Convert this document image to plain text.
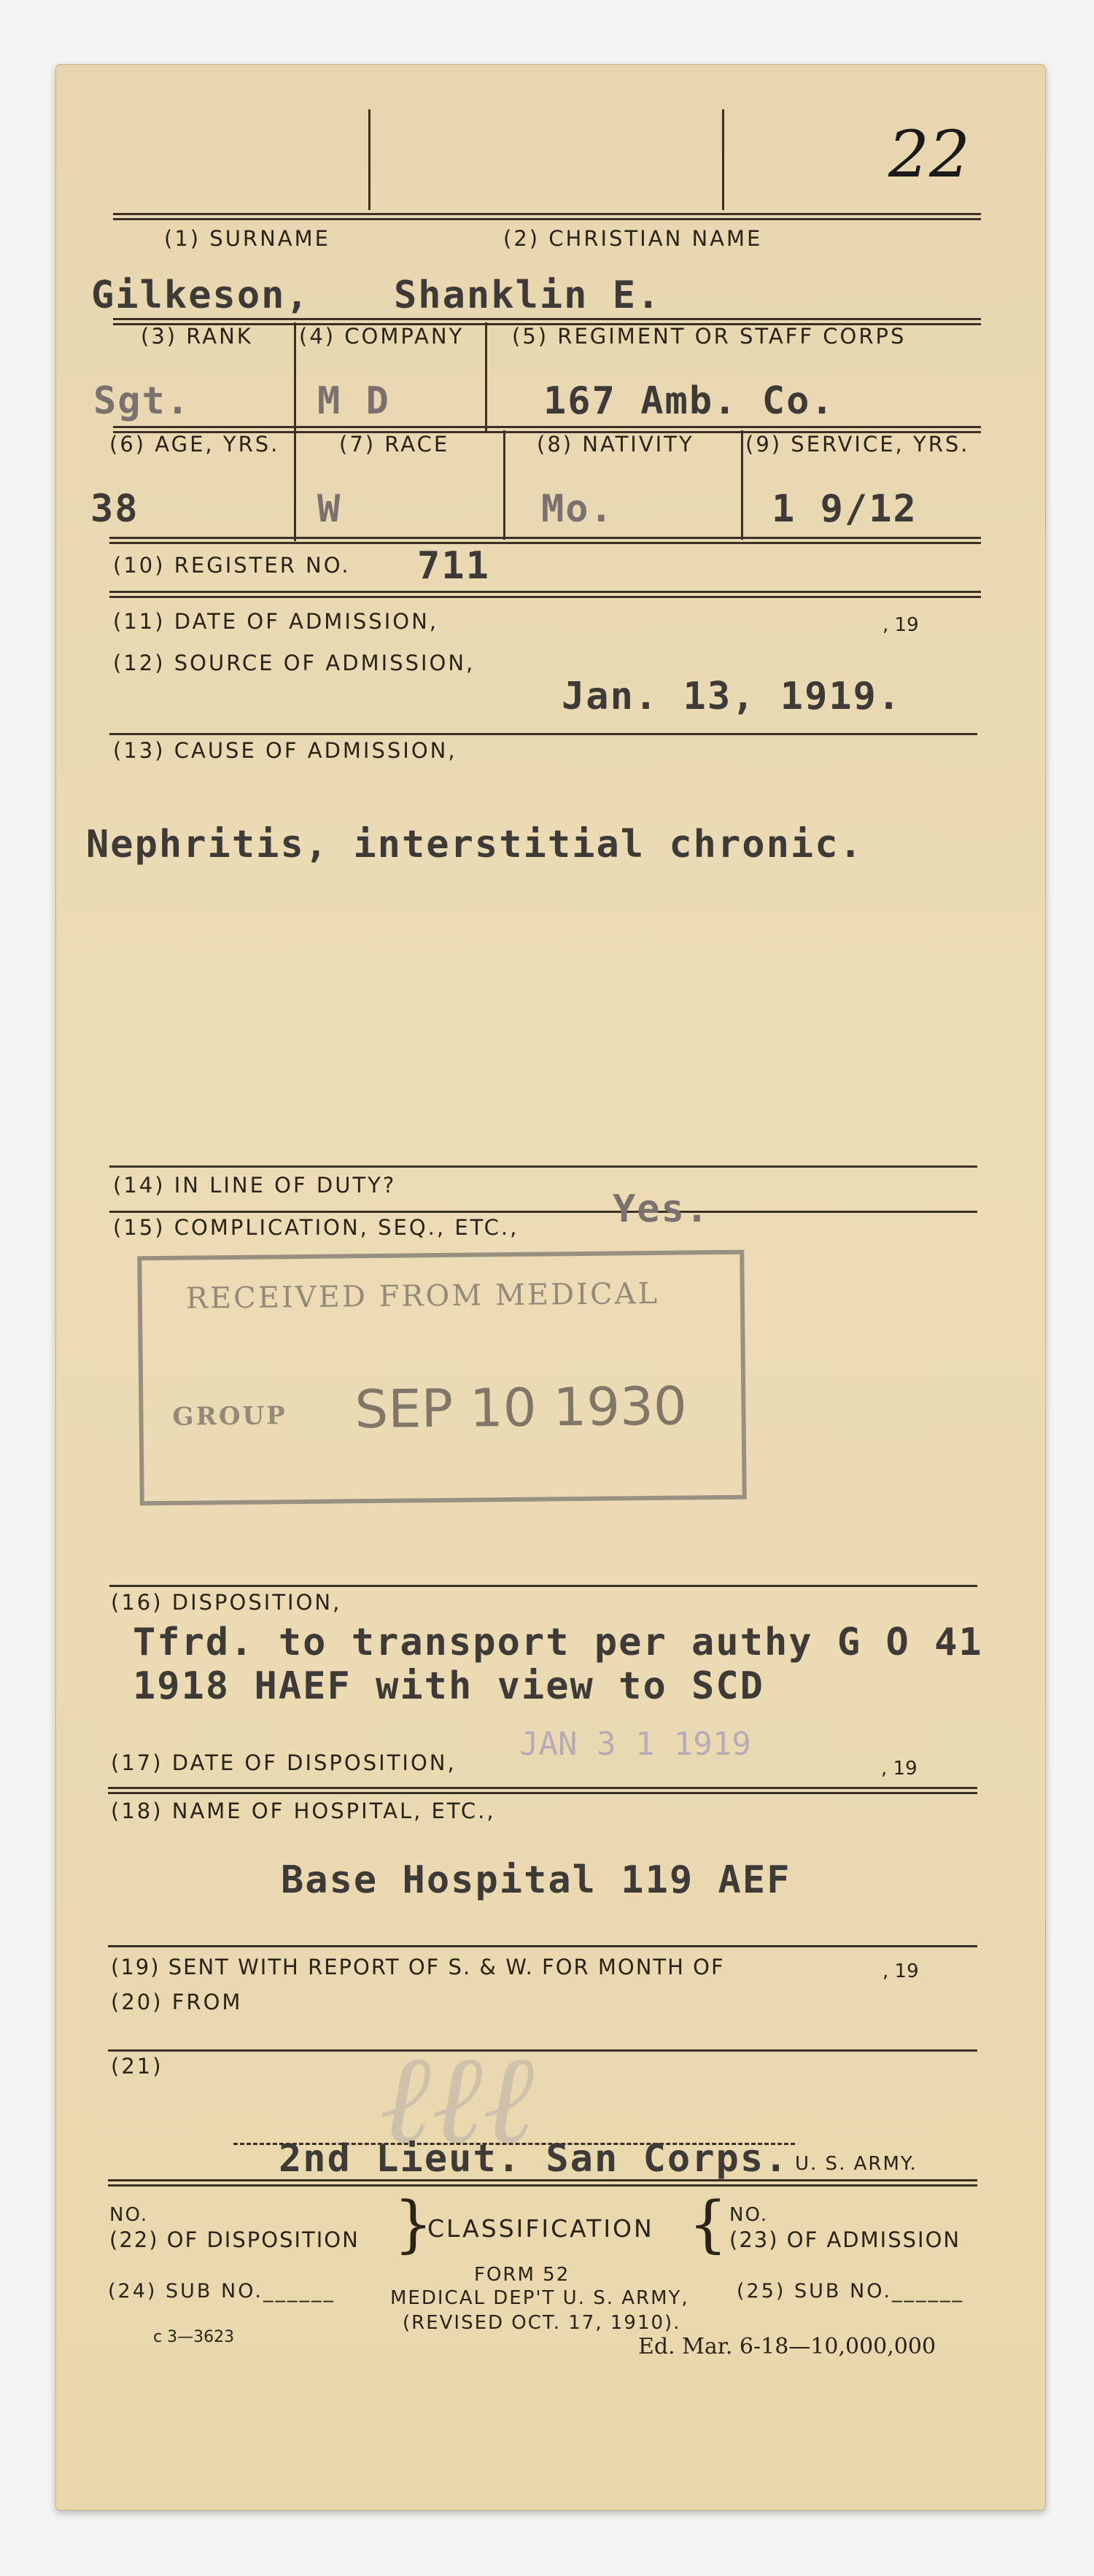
22
(1) SURNAME	(2) CHRISTIAN NAME
Gilkeson, Shanklin E.
(3) RANK (4) COMPANY (5) REGIMENT OR STAFF CORPS
Sgt.	M D	167 Amb. Co.
(6) AGE, YRS.	(7) RACE	(8) NATIVITY (9) SERVICE, YRS.
38	W	Mo.	1 9/12
(10) REGISTER NO. 711
(11) DATE OF ADMISSION,	, 19
(12) SOURCE OF ADMISSION,
Jan. 13, 1919.
(13) CAUSE OF ADMISSION,
Nephritis, interstitial chronic.
(14) IN LINE OF DUTY?
(15) COMPLICATION, SEQ., ETC., Yes.
RECEIVED FROM MEDICAL
GROUP SEP 10 1930
(16) DISPOSITION,
Tfrd. to transport per authy G O 41
1918 HAEF with view to SCD
JAN 3 1 1919
(17) DATE OF DISPOSITION,	, 19
(18) NAME OF HOSPITAL, ETC.,
Base Hospital 119 AEF
(19) SENT WITH REPORT OF S. & W. FOR MONTH OF	, 19
(20) FROM
(21) ℓℓℓ
2nd Lieut. San Corps. U. S. ARMY.
NO.
(22) OF DISPOSITION }
CLASSIFICATION { NO.
(23) OF ADMISSION
FORM 52
(24) SUB NO.______	MEDICAL DEP'T U. S. ARMY, (25) SUB NO.______
(REVISED OCT. 17, 1910).
c 3—3623	Ed. Mar. 6-18—10,000,000
